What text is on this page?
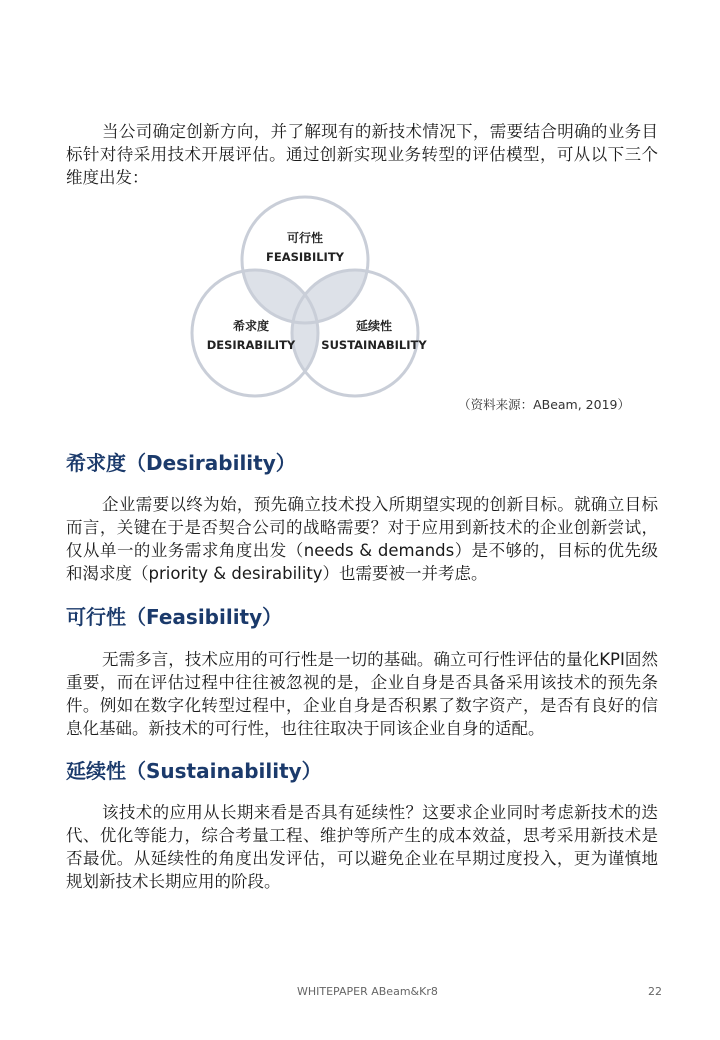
当公司确定创新方向，并了解现有的新技术情况下，需要结合明确的业务目标针对待采用技术开展评估。通过创新实现业务转型的评估模型，可从以下三个维度出发：

可行性
FEASIBILITY
希求度
DESIRABILITY
延续性
SUSTAINABILITY
（资料来源：ABeam, 2019）
希求度（Desirability）

企业需要以终为始，预先确立技术投入所期望实现的创新目标。就确立目标而言，关键在于是否契合公司的战略需要？对于应用到新技术的企业创新尝试，仅从单一的业务需求角度出发（needs & demands）是不够的，目标的优先级和渴求度（priority & desirability）也需要被一并考虑。

可行性（Feasibility）

无需多言，技术应用的可行性是一切的基础。确立可行性评估的量化KPI固然重要，而在评估过程中往往被忽视的是，企业自身是否具备采用该技术的预先条件。例如在数字化转型过程中，企业自身是否积累了数字资产，是否有良好的信息化基础。新技术的可行性，也往往取决于同该企业自身的适配。

延续性（Sustainability）

该技术的应用从长期来看是否具有延续性？这要求企业同时考虑新技术的迭代、优化等能力，综合考量工程、维护等所产生的成本效益，思考采用新技术是否最优。从延续性的角度出发评估，可以避免企业在早期过度投入，更为谨慎地规划新技术长期应用的阶段。

WHITEPAPER ABeam&Kr8	22
